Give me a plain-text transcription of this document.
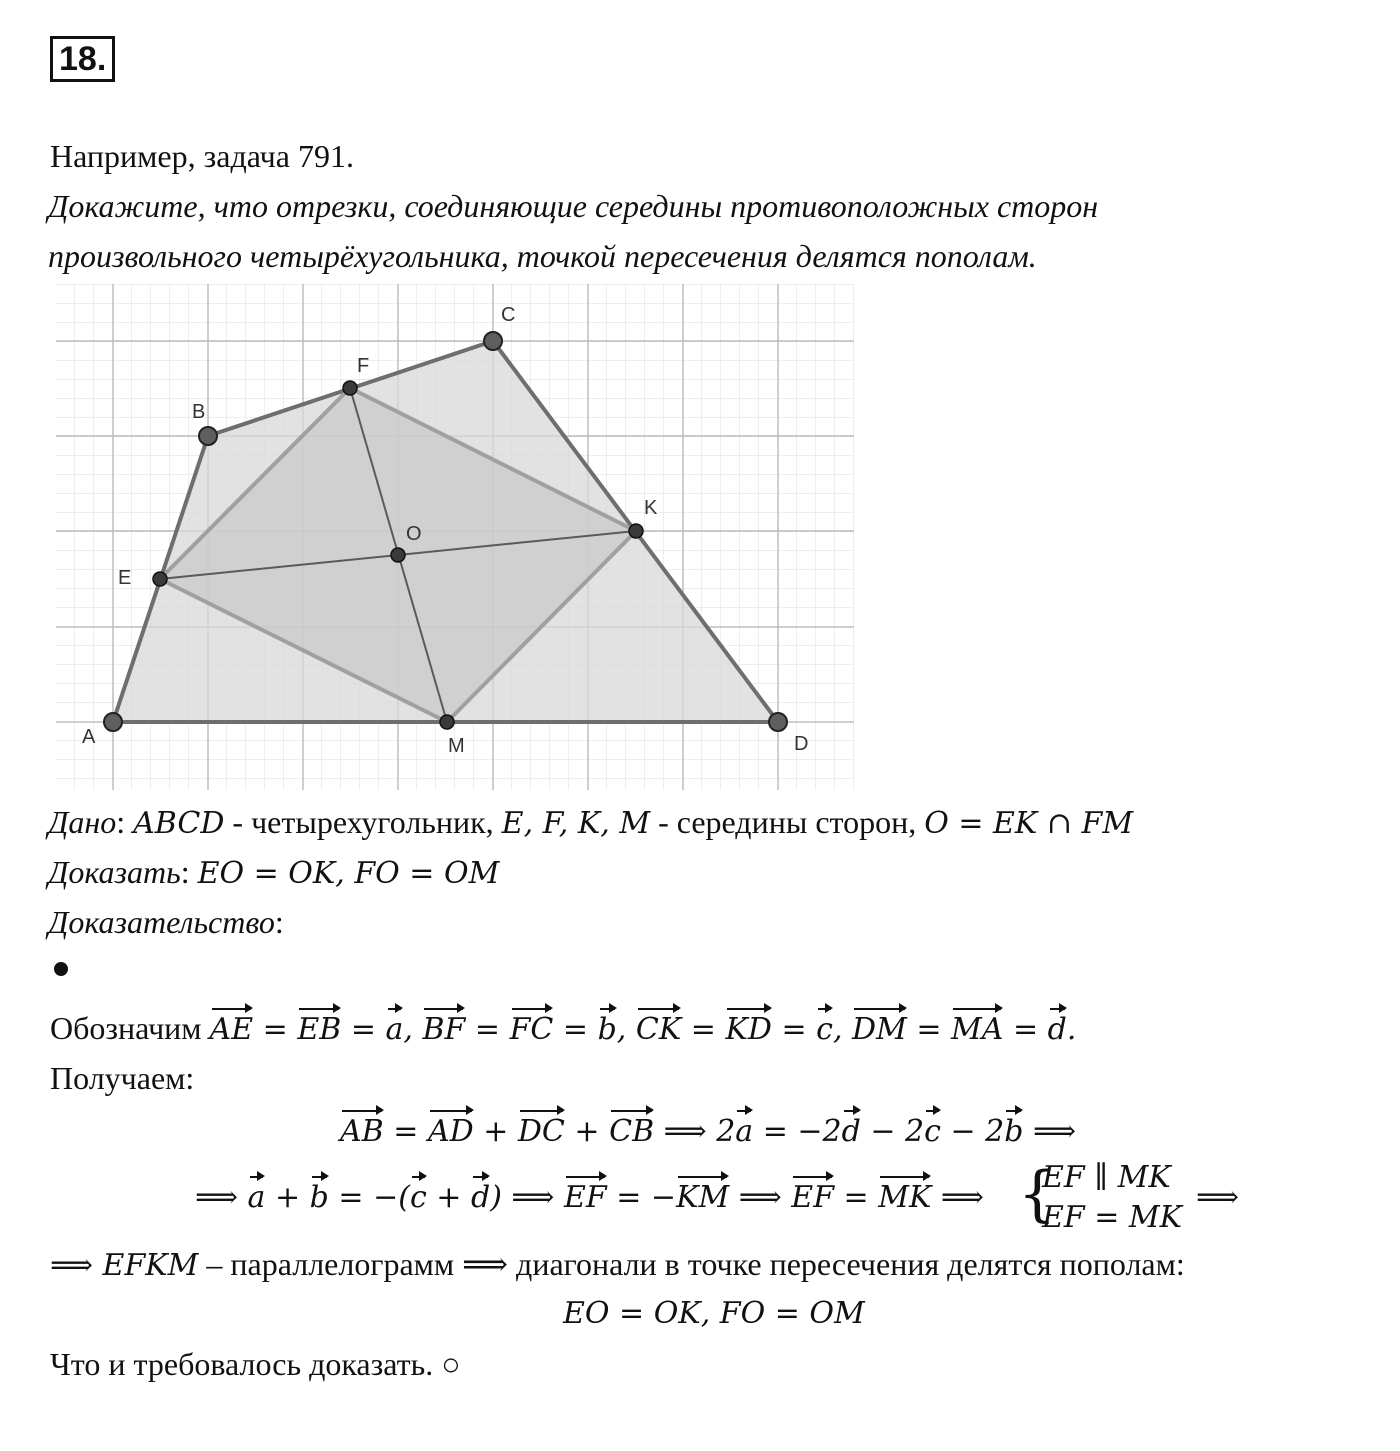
18.
Например, задача 791.
Докажите, что отрезки, соединяющие середины противоположных сторон
произвольного четырёхугольника, точкой пересечения делятся пополам.
A
B
C
D
E
F
K
M
O
Дано: ABCD - четырехугольник, E, F, K, M - середины сторон, O = EK ∩ FM
Доказать: EO = OK, FO = OM
Доказательство:
Обозначим AE = EB = a, BF = FC = b, CK = KD = c, DM = MA = d.
Получаем:
AB = AD + DC + CB ⟹ 2a = −2d − 2c − 2b ⟹
⟹ a + b = −(c + d) ⟹ EF = −KM ⟹ EF = MK ⟹ {
EF ∥ MK
EF = MK
⟹
⟹ EFKM – параллелограмм ⟹ диагонали в точке пересечения делятся пополам:
EO = OK, FO = OM
Что и требовалось доказать. ○
